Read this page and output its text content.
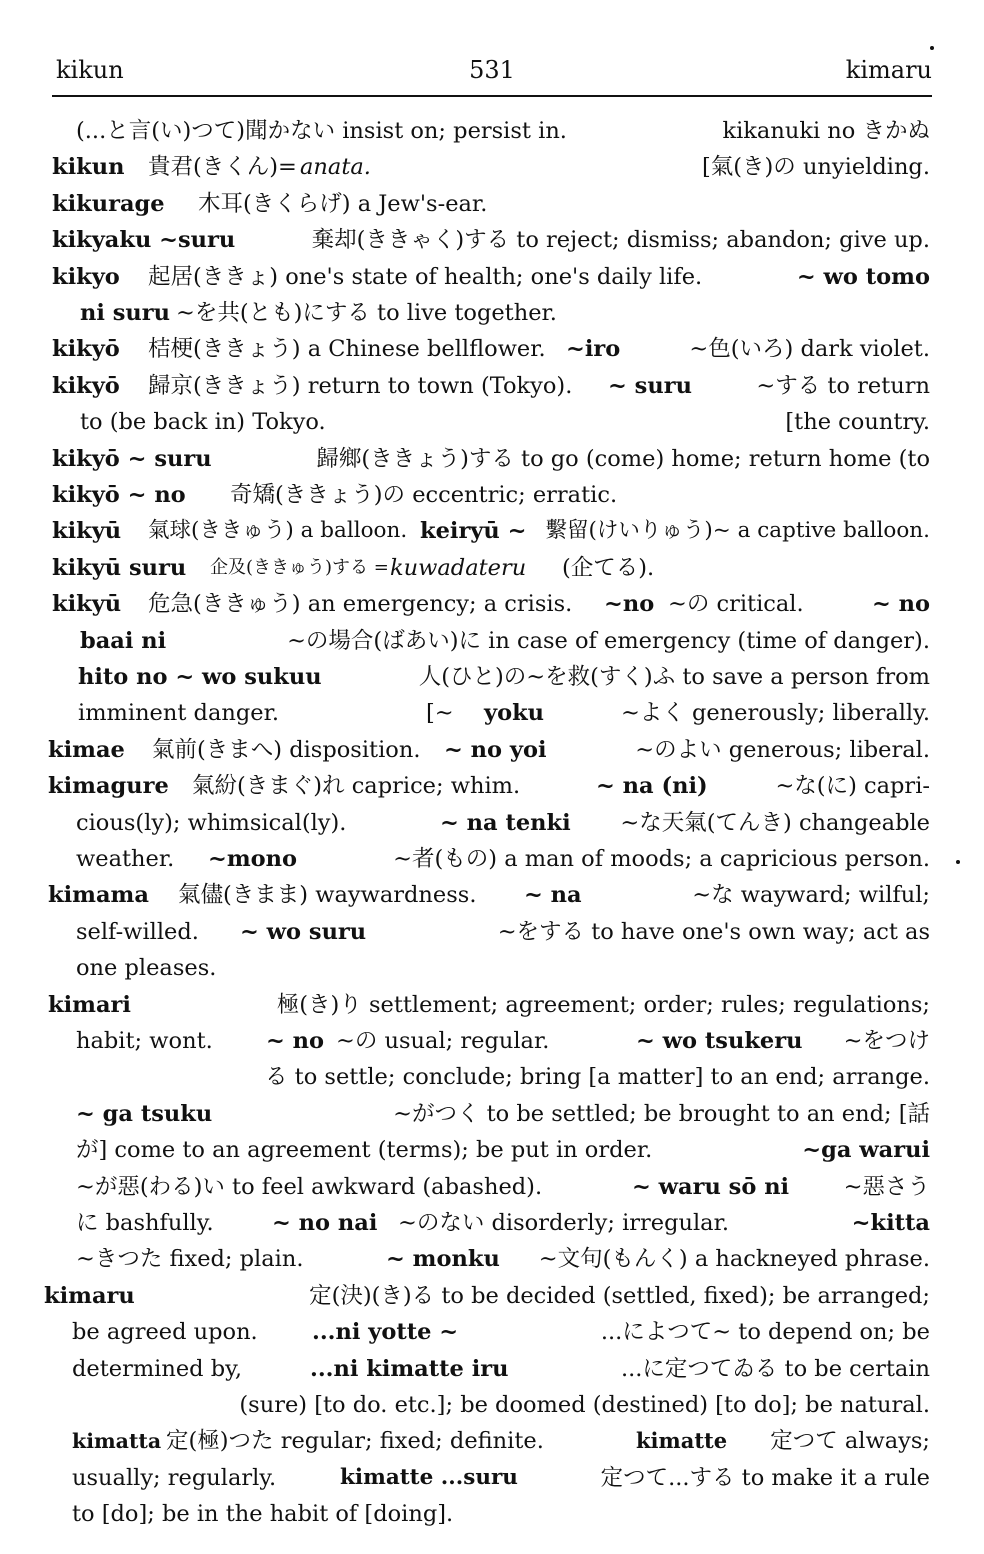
kikun	531	kimaru
(...と言(い)つて)聞かない insist on; persist in.	kikanuki no きかぬ
kikun	貴君(きくん)= anata.	[氣(き)の unyielding.
kikurage	木耳(きくらげ) a Jew's-ear.
kikyaku ~suru	棄却(ききゃく)する to reject; dismiss; abandon; give up.
kikyo	起居(ききょ) one's state of health; one's daily life.	~ wo tomo
ni suru ~を共(とも)にする to live together.
kikyō	桔梗(ききょう) a Chinese bellflower. ~iro	~色(いろ) dark violet.
kikyō	歸京(ききょう) return to town (Tokyo).	~ suru	~する to return
to (be back in) Tokyo.	[the country.
kikyō ~ suru	歸鄉(ききょう)する to go (come) home; return home (to
kikyō ~ no	奇矯(ききょう)の eccentric; erratic.
kikyū	氣球(ききゅう) a balloon. keiryū ~ 繫留(けいりゅう)~ a captive balloon.
kikyū suru	企及(ききゅう)する = kuwadateru	(企てる).
kikyū	危急(ききゅう) an emergency; a crisis.	~no ~の critical.	~ no
baai ni	~の場合(ばあい)に in case of emergency (time of danger).
hito no ~ wo sukuu	人(ひと)の~を救(すく)ふ to save a person from
imminent danger.	[~	yoku	~よく generously; liberally.
kimae	氣前(きまへ) disposition.	~ no yoi	~のよい generous; liberal.
kimagure	氣紛(きまぐ)れ caprice; whim.	~ na (ni)	~な(に) capri-
cious(ly); whimsical(ly).	~ na tenki	~な天氣(てんき) changeable
weather.	~mono	~者(もの) a man of moods; a capricious person.
kimama	氣儘(きまま) waywardness.	~ na	~な wayward; wilful;
self-willed.	~ wo suru	~をする to have one's own way; act as
one pleases.
kimari	極(き)り settlement; agreement; order; rules; regulations;
habit; wont.	~ no ~の usual; regular.	~ wo tsukeru	~をつけ
る to settle; conclude; bring [a matter] to an end; arrange.
~ ga tsuku	~がつく to be settled; be brought to an end; [話
が] come to an agreement (terms); be put in order.	~ga warui
~が惡(わる)い to feel awkward (abashed).	~ waru sō ni	~惡さう
に bashfully.	~ no nai ~のない disorderly; irregular.	~kitta
~きつた fixed; plain.	~ monku	~文句(もんく) a hackneyed phrase.
kimaru	定(決)(き)る to be decided (settled, fixed); be arranged;
be agreed upon.	...ni yotte ~	...によつて~ to depend on; be
determined by,	...ni kimatte iru	...に定つてゐる to be certain
(sure) [to do. etc.]; be doomed (destined) [to do]; be natural.
kimatta 定(極)つた regular; fixed; definite.	kimatte	定つて always;
usually; regularly.	kimatte ...suru	定つて...する to make it a rule
to [do]; be in the habit of [doing].
